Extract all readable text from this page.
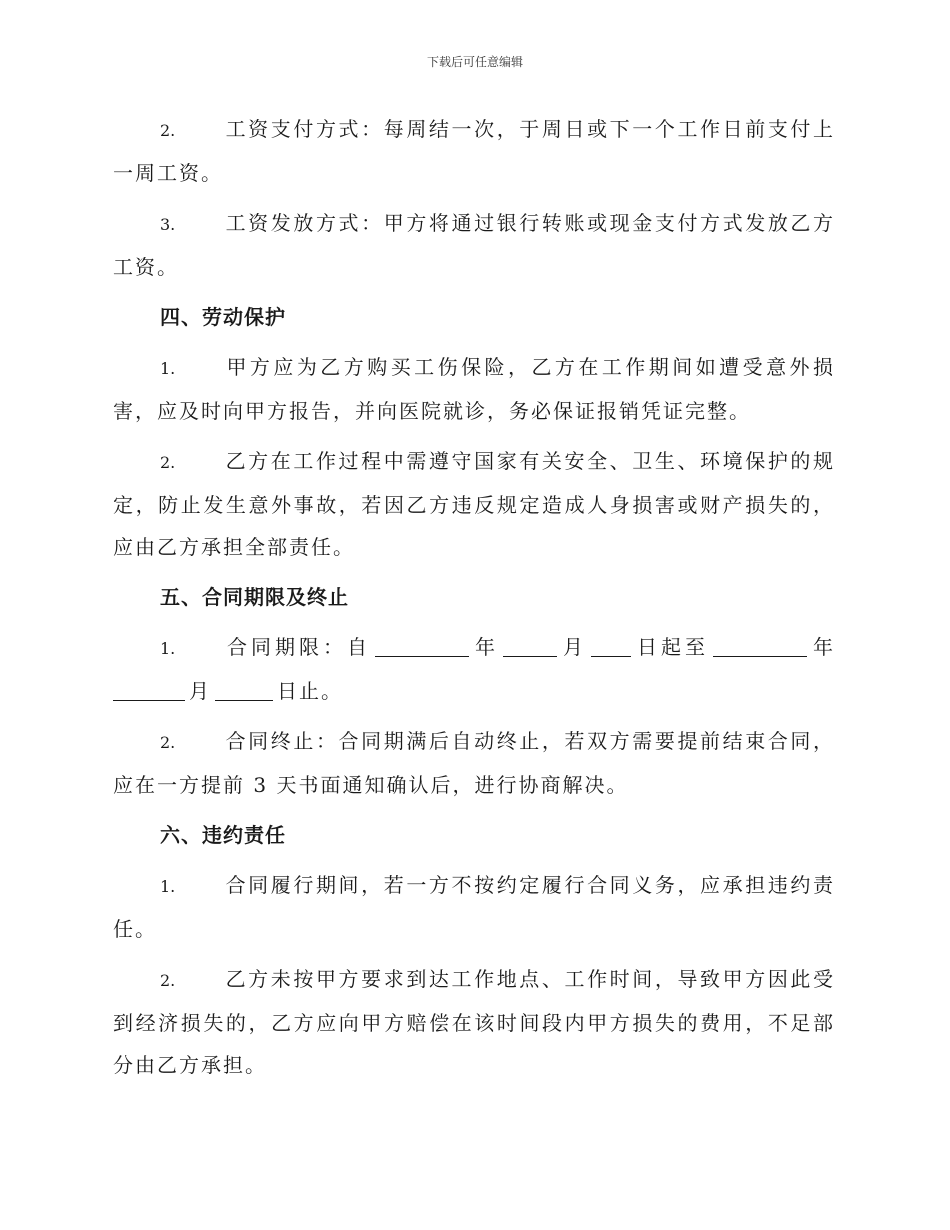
下载后可任意编辑

2. 工资支付方式：每周结一次，于周日或下一个工作日前支付上一周工资。

3. 工资发放方式：甲方将通过银行转账或现金支付方式发放乙方工资。

四、劳动保护

1. 甲方应为乙方购买工伤保险，乙方在工作期间如遭受意外损害，应及时向甲方报告，并向医院就诊，务必保证报销凭证完整。

2. 乙方在工作过程中需遵守国家有关安全、卫生、环境保护的规定，防止发生意外事故，若因乙方违反规定造成人身损害或财产损失的，应由乙方承担全部责任。

五、合同期限及终止

1. 合同期限：自	年	月 日起至	年月	日止。

2. 合同终止：合同期满后自动终止，若双方需要提前结束合同，应在一方提前 3 天书面通知确认后，进行协商解决。

六、违约责任

1. 合同履行期间，若一方不按约定履行合同义务，应承担违约责任。

2. 乙方未按甲方要求到达工作地点、工作时间，导致甲方因此受到经济损失的，乙方应向甲方赔偿在该时间段内甲方损失的费用，不足部分由乙方承担。
